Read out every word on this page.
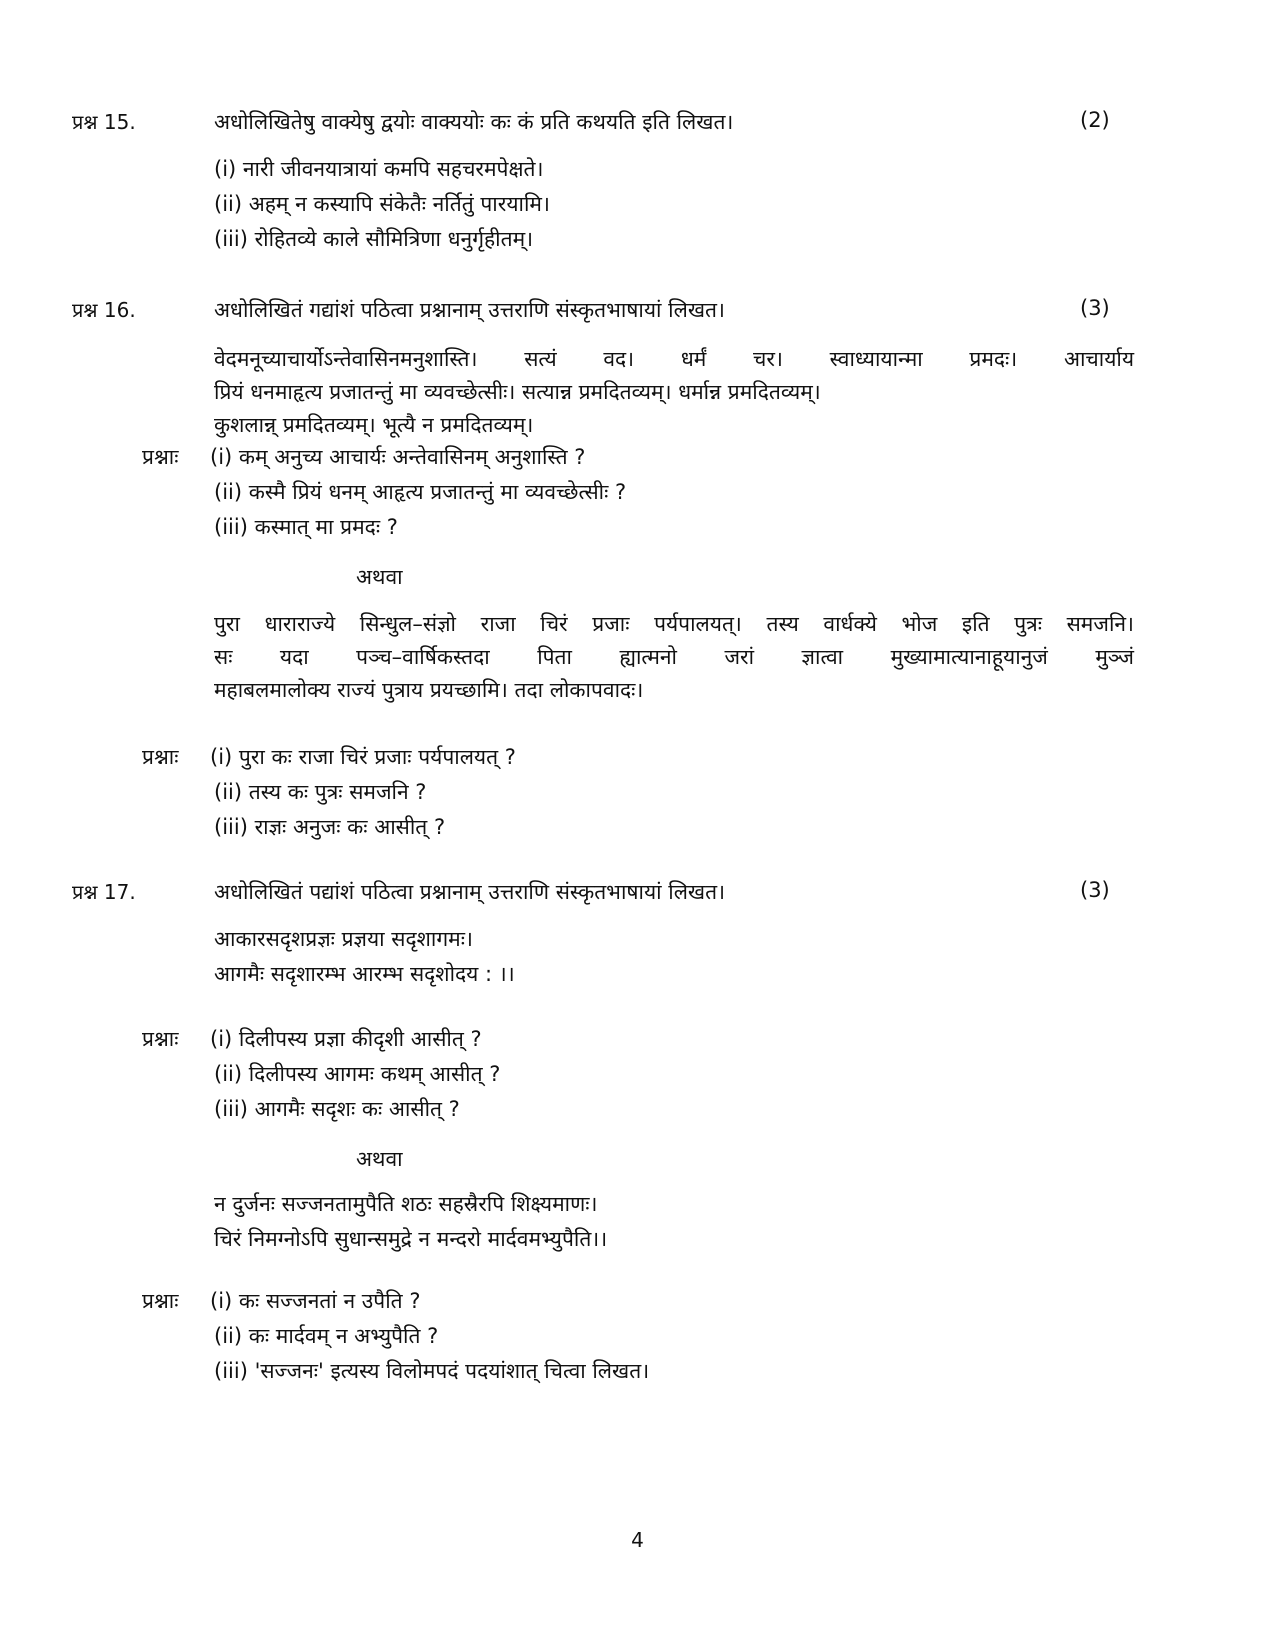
प्रश्न 15.	अधोलिखितेषु वाक्येषु द्वयोः वाक्ययोः कः कं प्रति कथयति इति लिखत।	(2)
(i) नारी जीवनयात्रायां कमपि सहचरमपेक्षते।
(ii) अहम् न कस्यापि संकेतैः नर्तितुं पारयामि।
(iii) रोहितव्ये काले सौमित्रिणा धनुर्गृहीतम्।
प्रश्न 16.	अधोलिखितं गद्यांशं पठित्वा प्रश्नानाम् उत्तराणि संस्कृतभाषायां लिखत।	(3)
वेदमनूच्याचार्योऽन्तेवासिनमनुशास्ति। सत्यं वद। धर्मं चर। स्वाध्यायान्मा प्रमदः। आचार्याय
प्रियं धनमाहृत्य प्रजातन्तुं मा व्यवच्छेत्सीः। सत्यान्न प्रमदितव्यम्। धर्मान्न प्रमदितव्यम्।
कुशलान्न् प्रमदितव्यम्। भूत्यै न प्रमदितव्यम्।
प्रश्नाः (i) कम् अनुच्य आचार्यः अन्तेवासिनम् अनुशास्ति ?
(ii) कस्मै प्रियं धनम् आहृत्य प्रजातन्तुं मा व्यवच्छेत्सीः ?
(iii) कस्मात् मा प्रमदः ?
अथवा
पुरा धाराराज्ये सिन्धुल–संज्ञो राजा चिरं प्रजाः पर्यपालयत्। तस्य वार्धक्ये भोज इति पुत्रः समजनि।
सः यदा पञ्च–वार्षिकस्तदा पिता ह्यात्मनो जरां ज्ञात्वा मुख्यामात्यानाहूयानुजं मुञ्जं
महाबलमालोक्य राज्यं पुत्राय प्रयच्छामि। तदा लोकापवादः।
प्रश्नाः (i) पुरा कः राजा चिरं प्रजाः पर्यपालयत् ?
(ii) तस्य कः पुत्रः समजनि ?
(iii) राज्ञः अनुजः कः आसीत् ?
प्रश्न 17.	अधोलिखितं पद्यांशं पठित्वा प्रश्नानाम् उत्तराणि संस्कृतभाषायां लिखत।	(3)
आकारसदृशप्रज्ञः प्रज्ञया सदृशागमः।
आगमैः सदृशारम्भ आरम्भ सदृशोदय : ।।
प्रश्नाः (i) दिलीपस्य प्रज्ञा कीदृशी आसीत् ?
(ii) दिलीपस्य आगमः कथम् आसीत् ?
(iii) आगमैः सदृशः कः आसीत् ?
अथवा
न दुर्जनः सज्जनतामुपैति शठः सहस्रैरपि शिक्ष्यमाणः।
चिरं निमग्नोऽपि सुधान्समुद्रे न मन्दरो मार्दवमभ्युपैति।।
प्रश्नाः (i) कः सज्जनतां न उपैति ?
(ii) कः मार्दवम् न अभ्युपैति ?
(iii) 'सज्जनः' इत्यस्य विलोमपदं पदयांशात् चित्वा लिखत।
4
